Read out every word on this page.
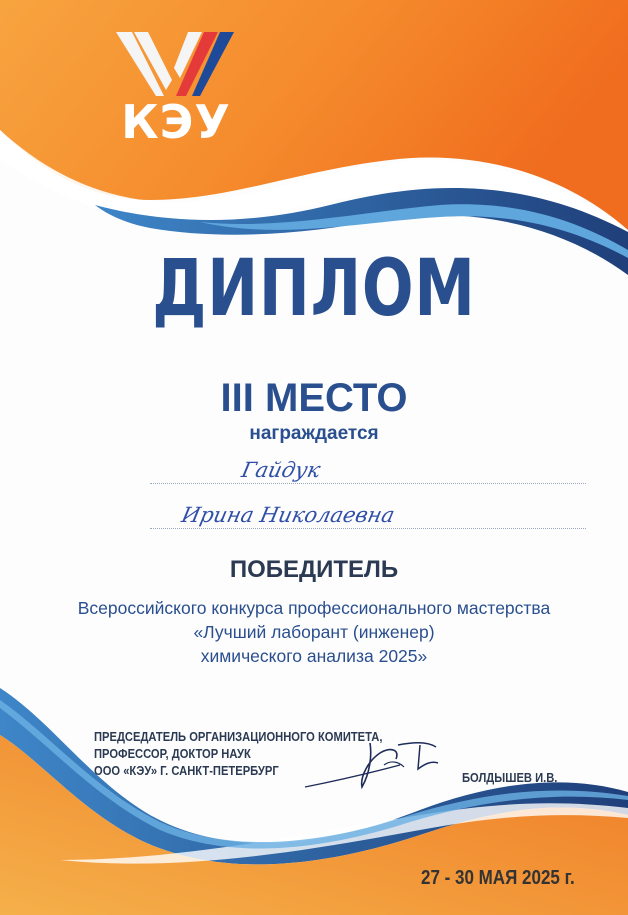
КЭУ
ДИПЛОМ
III МЕСТО
награждается
Гайдук
Ирина Николаевна
ПОБЕДИТЕЛЬ
Всероссийского конкурса профессионального мастерства
«Лучший лаборант (инженер)
химического анализа 2025»
ПРЕДСЕДАТЕЛЬ ОРГАНИЗАЦИОННОГО КОМИТЕТА,
ПРОФЕССОР, ДОКТОР НАУК
ООО «КЭУ» Г. САНКТ-ПЕТЕРБУРГ	БОЛДЫШЕВ И.В.
27 - 30 МАЯ 2025 г.
